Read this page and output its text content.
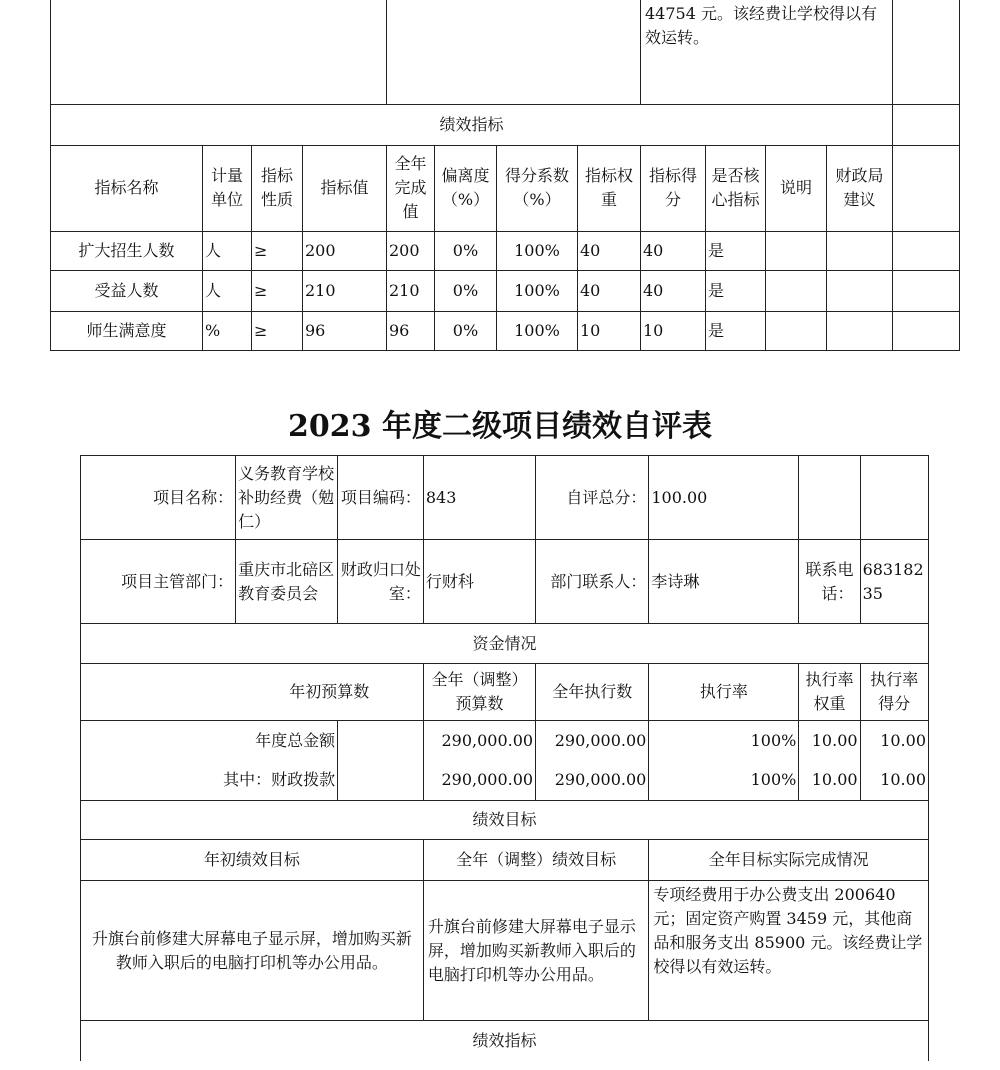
								44754 元。该经费让学校得以有效运转。				
绩效指标												
指标名称	计量单位	指标性质	指标值	全年完成值	偏离度（%）	得分系数（%）	指标权重	指标得分	是否核心指标	说明	财政局建议	
扩大招生人数	人	≥	200	200	0%	100%	40	40	是			
受益人数	人	≥	210	210	0%	100%	40	40	是			
师生满意度	%	≥	96	96	0%	100%	10	10	是			
2023 年度二级项目绩效自评表
项目名称：	义务教育学校补助经费（勉仁）	项目编码：	843	自评总分：	100.00		
项目主管部门：	重庆市北碚区教育委员会	财政归口处室：	行财科	部门联系人：	李诗琳	联系电话：	68318235
资金情况							
	年初预算数		全年（调整）预算数	全年执行数	执行率	执行率权重	执行率得分
年度总金额			290,000.00	290,000.00	100%	10.00	10.00
其中：财政拨款			290,000.00	290,000.00	100%	10.00	10.00
绩效目标							
年初绩效目标			全年（调整）绩效目标		全年目标实际完成情况		
升旗台前修建大屏幕电子显示屏，增加购买新教师入职后的电脑打印机等办公用品。			升旗台前修建大屏幕电子显示屏，增加购买新教师入职后的电脑打印机等办公用品。		专项经费用于办公费支出 200640 元；固定资产购置 3459 元，其他商品和服务支出 85900 元。该经费让学校得以有效运转。		
绩效指标							
